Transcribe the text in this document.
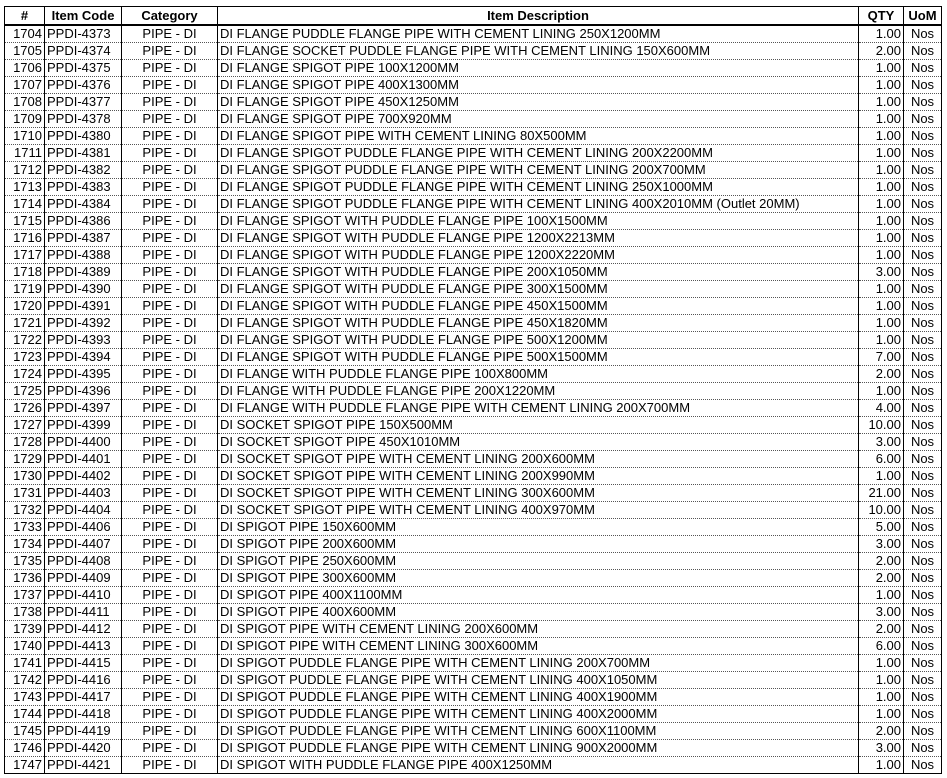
#	Item Code	Category	Item Description	QTY	UoM
1704	PPDI-4373	PIPE - DI	DI FLANGE PUDDLE FLANGE PIPE WITH CEMENT LINING 250X1200MM	1.00	Nos
1705	PPDI-4374	PIPE - DI	DI FLANGE SOCKET PUDDLE FLANGE PIPE WITH CEMENT LINING 150X600MM	2.00	Nos
1706	PPDI-4375	PIPE - DI	DI FLANGE SPIGOT PIPE 100X1200MM	1.00	Nos
1707	PPDI-4376	PIPE - DI	DI FLANGE SPIGOT PIPE 400X1300MM	1.00	Nos
1708	PPDI-4377	PIPE - DI	DI FLANGE SPIGOT PIPE 450X1250MM	1.00	Nos
1709	PPDI-4378	PIPE - DI	DI FLANGE SPIGOT PIPE 700X920MM	1.00	Nos
1710	PPDI-4380	PIPE - DI	DI FLANGE SPIGOT PIPE WITH CEMENT LINING 80X500MM	1.00	Nos
1711	PPDI-4381	PIPE - DI	DI FLANGE SPIGOT PUDDLE FLANGE PIPE WITH CEMENT LINING 200X2200MM	1.00	Nos
1712	PPDI-4382	PIPE - DI	DI FLANGE SPIGOT PUDDLE FLANGE PIPE WITH CEMENT LINING 200X700MM	1.00	Nos
1713	PPDI-4383	PIPE - DI	DI FLANGE SPIGOT PUDDLE FLANGE PIPE WITH CEMENT LINING 250X1000MM	1.00	Nos
1714	PPDI-4384	PIPE - DI	DI FLANGE SPIGOT PUDDLE FLANGE PIPE WITH CEMENT LINING 400X2010MM (Outlet 20MM)	1.00	Nos
1715	PPDI-4386	PIPE - DI	DI FLANGE SPIGOT WITH PUDDLE FLANGE PIPE 100X1500MM	1.00	Nos
1716	PPDI-4387	PIPE - DI	DI FLANGE SPIGOT WITH PUDDLE FLANGE PIPE 1200X2213MM	1.00	Nos
1717	PPDI-4388	PIPE - DI	DI FLANGE SPIGOT WITH PUDDLE FLANGE PIPE 1200X2220MM	1.00	Nos
1718	PPDI-4389	PIPE - DI	DI FLANGE SPIGOT WITH PUDDLE FLANGE PIPE 200X1050MM	3.00	Nos
1719	PPDI-4390	PIPE - DI	DI FLANGE SPIGOT WITH PUDDLE FLANGE PIPE 300X1500MM	1.00	Nos
1720	PPDI-4391	PIPE - DI	DI FLANGE SPIGOT WITH PUDDLE FLANGE PIPE 450X1500MM	1.00	Nos
1721	PPDI-4392	PIPE - DI	DI FLANGE SPIGOT WITH PUDDLE FLANGE PIPE 450X1820MM	1.00	Nos
1722	PPDI-4393	PIPE - DI	DI FLANGE SPIGOT WITH PUDDLE FLANGE PIPE 500X1200MM	1.00	Nos
1723	PPDI-4394	PIPE - DI	DI FLANGE SPIGOT WITH PUDDLE FLANGE PIPE 500X1500MM	7.00	Nos
1724	PPDI-4395	PIPE - DI	DI FLANGE WITH PUDDLE FLANGE PIPE 100X800MM	2.00	Nos
1725	PPDI-4396	PIPE - DI	DI FLANGE WITH PUDDLE FLANGE PIPE 200X1220MM	1.00	Nos
1726	PPDI-4397	PIPE - DI	DI FLANGE WITH PUDDLE FLANGE PIPE WITH CEMENT LINING 200X700MM	4.00	Nos
1727	PPDI-4399	PIPE - DI	DI SOCKET SPIGOT PIPE 150X500MM	10.00	Nos
1728	PPDI-4400	PIPE - DI	DI SOCKET SPIGOT PIPE 450X1010MM	3.00	Nos
1729	PPDI-4401	PIPE - DI	DI SOCKET SPIGOT PIPE WITH CEMENT LINING 200X600MM	6.00	Nos
1730	PPDI-4402	PIPE - DI	DI SOCKET SPIGOT PIPE WITH CEMENT LINING 200X990MM	1.00	Nos
1731	PPDI-4403	PIPE - DI	DI SOCKET SPIGOT PIPE WITH CEMENT LINING 300X600MM	21.00	Nos
1732	PPDI-4404	PIPE - DI	DI SOCKET SPIGOT PIPE WITH CEMENT LINING 400X970MM	10.00	Nos
1733	PPDI-4406	PIPE - DI	DI SPIGOT PIPE 150X600MM	5.00	Nos
1734	PPDI-4407	PIPE - DI	DI SPIGOT PIPE 200X600MM	3.00	Nos
1735	PPDI-4408	PIPE - DI	DI SPIGOT PIPE 250X600MM	2.00	Nos
1736	PPDI-4409	PIPE - DI	DI SPIGOT PIPE 300X600MM	2.00	Nos
1737	PPDI-4410	PIPE - DI	DI SPIGOT PIPE 400X1100MM	1.00	Nos
1738	PPDI-4411	PIPE - DI	DI SPIGOT PIPE 400X600MM	3.00	Nos
1739	PPDI-4412	PIPE - DI	DI SPIGOT PIPE WITH CEMENT LINING 200X600MM	2.00	Nos
1740	PPDI-4413	PIPE - DI	DI SPIGOT PIPE WITH CEMENT LINING 300X600MM	6.00	Nos
1741	PPDI-4415	PIPE - DI	DI SPIGOT PUDDLE FLANGE PIPE WITH CEMENT LINING 200X700MM	1.00	Nos
1742	PPDI-4416	PIPE - DI	DI SPIGOT PUDDLE FLANGE PIPE WITH CEMENT LINING 400X1050MM	1.00	Nos
1743	PPDI-4417	PIPE - DI	DI SPIGOT PUDDLE FLANGE PIPE WITH CEMENT LINING 400X1900MM	1.00	Nos
1744	PPDI-4418	PIPE - DI	DI SPIGOT PUDDLE FLANGE PIPE WITH CEMENT LINING 400X2000MM	1.00	Nos
1745	PPDI-4419	PIPE - DI	DI SPIGOT PUDDLE FLANGE PIPE WITH CEMENT LINING 600X1100MM	2.00	Nos
1746	PPDI-4420	PIPE - DI	DI SPIGOT PUDDLE FLANGE PIPE WITH CEMENT LINING 900X2000MM	3.00	Nos
1747	PPDI-4421	PIPE - DI	DI SPIGOT WITH PUDDLE FLANGE PIPE 400X1250MM	1.00	Nos
